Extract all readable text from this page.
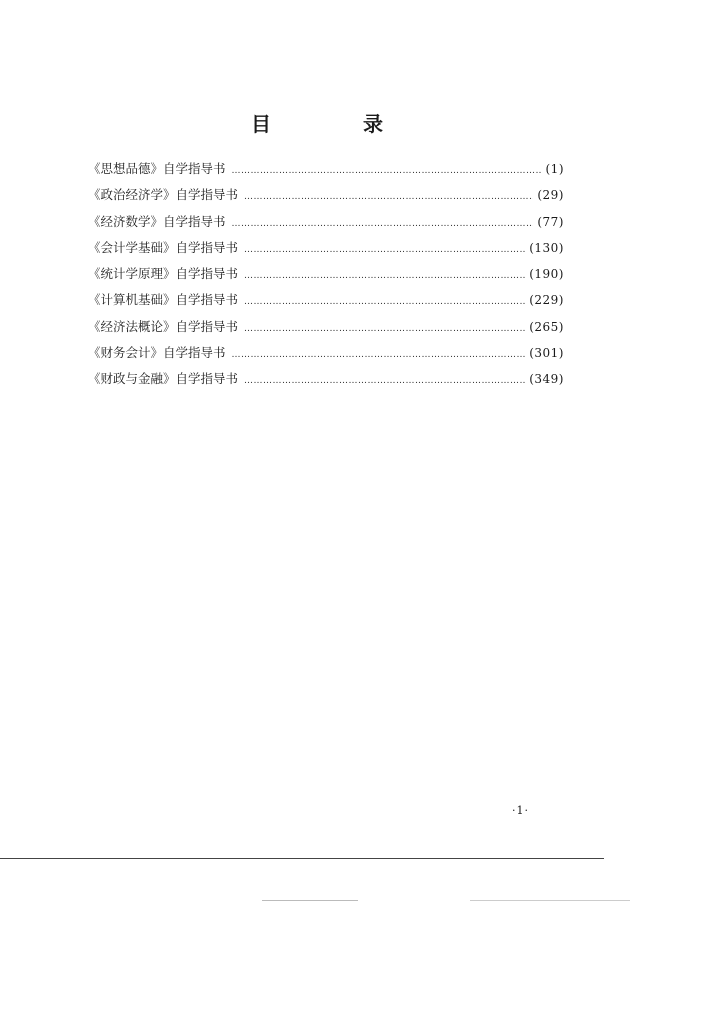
目　录
《思想品德》自学指导书 …………………………………………………………………………………………………………………………………………	(1)
《政治经济学》自学指导书 …………………………………………………………………………………………………………………………………………	(29)
《经济数学》自学指导书 …………………………………………………………………………………………………………………………………………	(77)
《会计学基础》自学指导书 …………………………………………………………………………………………………………………………………………	(130)
《统计学原理》自学指导书 …………………………………………………………………………………………………………………………………………	(190)
《计算机基础》自学指导书 …………………………………………………………………………………………………………………………………………	(229)
《经济法概论》自学指导书 …………………………………………………………………………………………………………………………………………	(265)
《财务会计》自学指导书 …………………………………………………………………………………………………………………………………………	(301)
《财政与金融》自学指导书 …………………………………………………………………………………………………………………………………………	(349)
·1·
